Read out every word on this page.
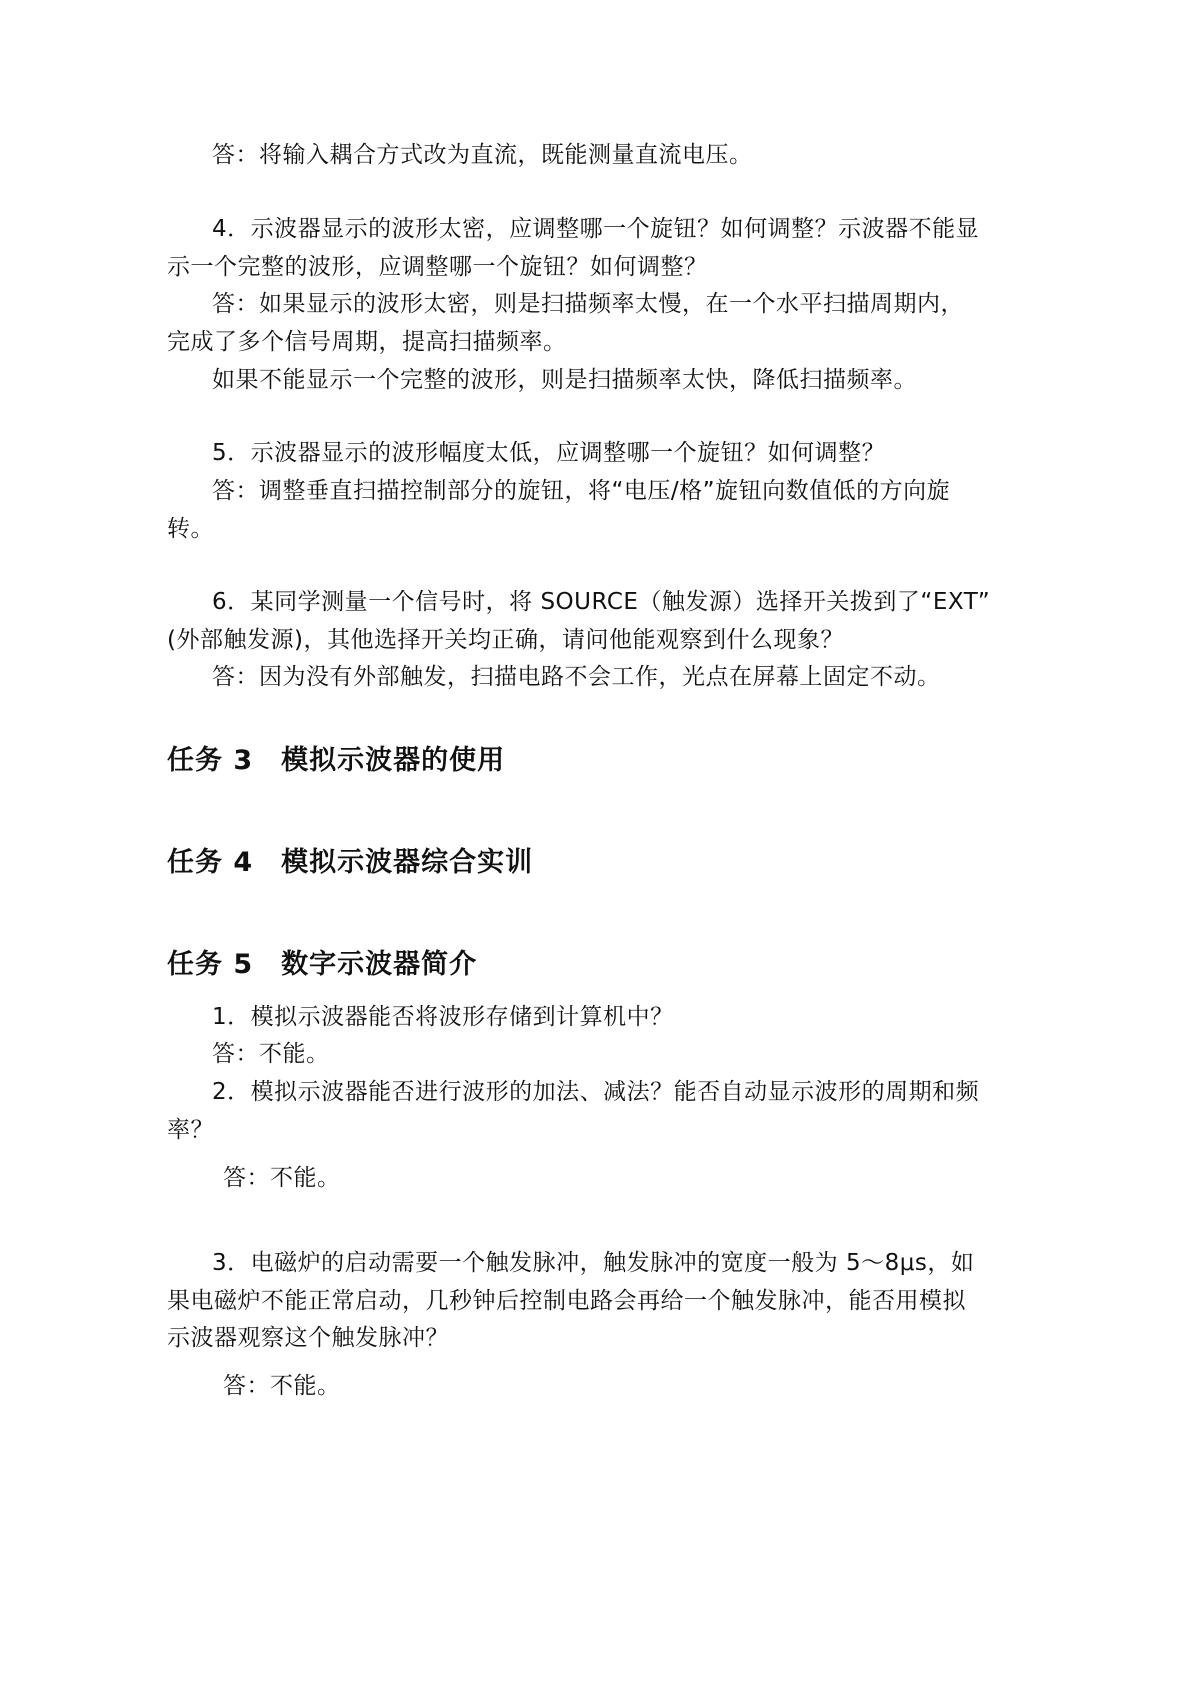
答：将输入耦合方式改为直流，既能测量直流电压。
4．示波器显示的波形太密，应调整哪一个旋钮？如何调整？示波器不能显
示一个完整的波形，应调整哪一个旋钮？如何调整？
答：如果显示的波形太密，则是扫描频率太慢，在一个水平扫描周期内，
完成了多个信号周期，提高扫描频率。
如果不能显示一个完整的波形，则是扫描频率太快，降低扫描频率。
5．示波器显示的波形幅度太低，应调整哪一个旋钮？如何调整？
答：调整垂直扫描控制部分的旋钮，将“电压/格”旋钮向数值低的方向旋
转。
6．某同学测量一个信号时，将 SOURCE（触发源）选择开关拨到了“EXT”
(外部触发源)，其他选择开关均正确，请问他能观察到什么现象？
答：因为没有外部触发，扫描电路不会工作，光点在屏幕上固定不动。
任务 3　模拟示波器的使用
任务 4　模拟示波器综合实训
任务 5　数字示波器简介
1．模拟示波器能否将波形存储到计算机中？
答：不能。
2．模拟示波器能否进行波形的加法、减法？能否自动显示波形的周期和频
率？
答：不能。
3．电磁炉的启动需要一个触发脉冲，触发脉冲的宽度一般为 5～8μs，如
果电磁炉不能正常启动，几秒钟后控制电路会再给一个触发脉冲，能否用模拟
示波器观察这个触发脉冲？
答：不能。
